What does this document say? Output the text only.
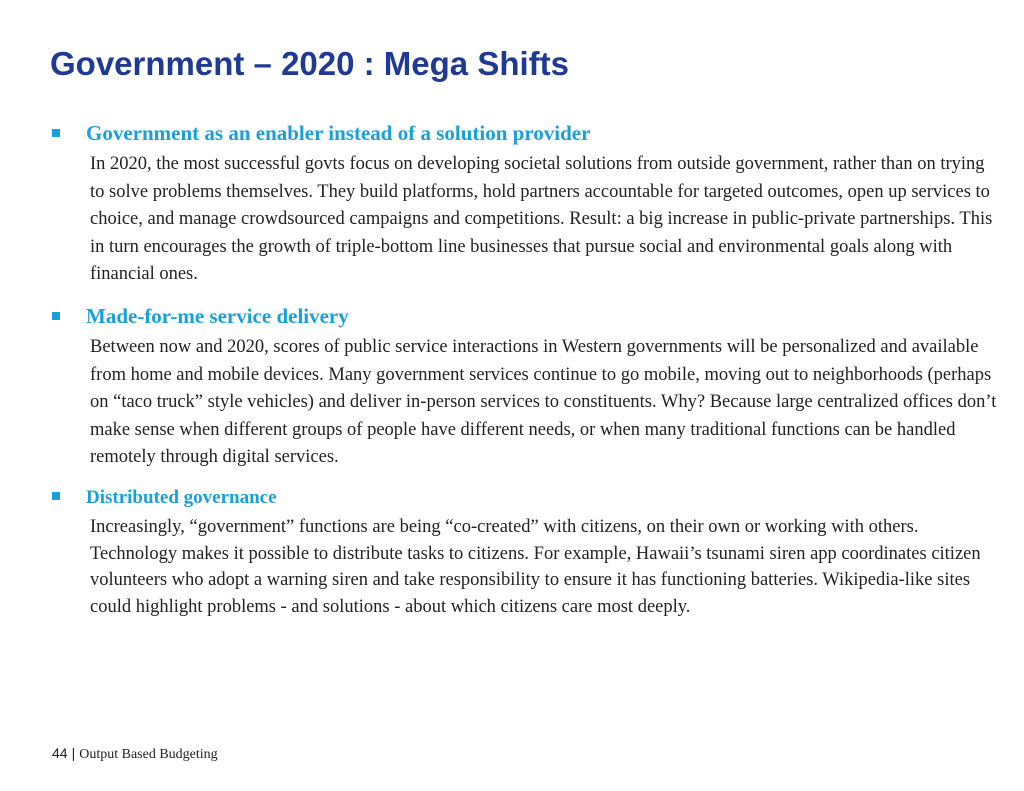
Government – 2020 : Mega Shifts
Government as an enabler instead of a solution provider

In 2020, the most successful govts focus on developing societal solutions from outside government, rather than on trying to solve problems themselves. They build platforms, hold partners accountable for targeted outcomes, open up services to choice, and manage crowdsourced campaigns and competitions. Result: a big increase in public-private partnerships. This in turn encourages the growth of triple-bottom line businesses that pursue social and environmental goals along with financial ones.

Made-for-me service delivery

Between now and 2020, scores of public service interactions in Western governments will be personalized and available from home and mobile devices. Many government services continue to go mobile, moving out to neighborhoods (perhaps on “taco truck” style vehicles) and deliver in-person services to constituents. Why? Because large centralized offices don’t make sense when different groups of people have different needs, or when many traditional functions can be handled remotely through digital services.

Distributed governance

Increasingly, “government” functions are being “co-created” with citizens, on their own or working with others. Technology makes it possible to distribute tasks to citizens. For example, Hawaii’s tsunami siren app coordinates citizen volunteers who adopt a warning siren and take responsibility to ensure it has functioning batteries. Wikipedia-like sites could highlight problems - and solutions - about which citizens care most deeply.

44 | Output Based Budgeting
